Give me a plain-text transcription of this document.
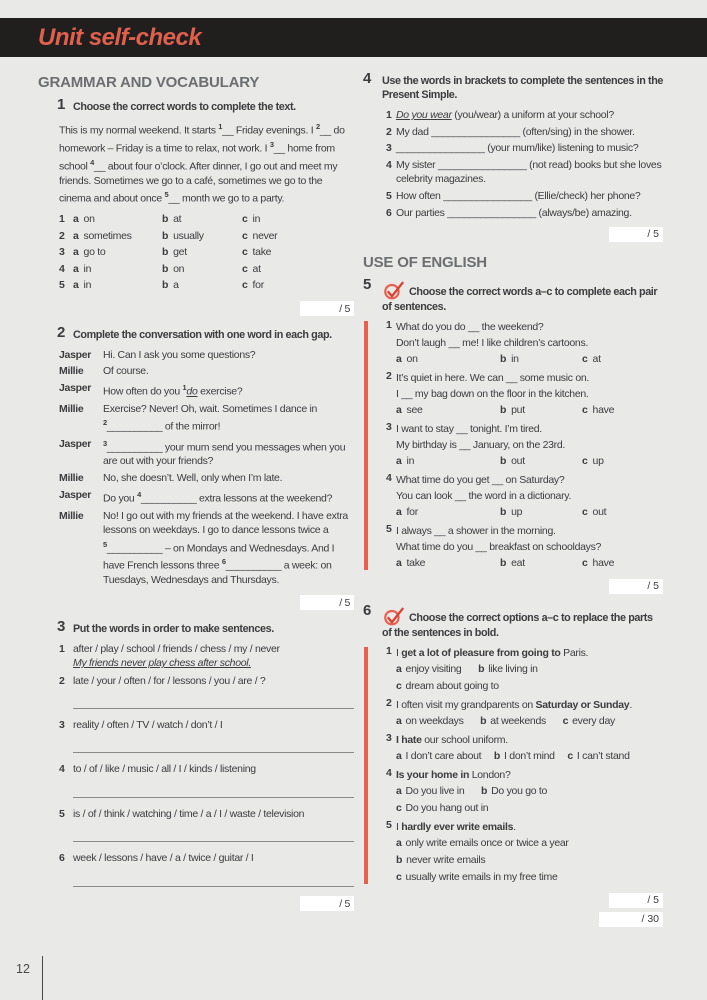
Unit self-check
GRAMMAR AND VOCABULARY
1 Choose the correct words to complete the text.

This is my normal weekend. It starts $^1$__ Friday evenings. I $^2$__ do homework – Friday is a time to relax, not work. I $^3$__ home from school $^4$__ about four o’clock. After dinner, I go out and meet my friends. Sometimes we go to a café, sometimes we go to the cinema and about once $^5$__ month we go to a party.

1 a on	b at	c in
2 a sometimes	b usually	c never
3 a go to	b get	c take
4 a in	b on	c at
5 a in	b a	c for
/ 5
2 Complete the conversation with one word in each gap.
Jasper	Hi. Can I ask you some questions?
Millie	Of course.
Jasper	How often do you $^1$do exercise?
Millie	Exercise? Never! Oh, wait. Sometimes I dance in $^2$__________ of the mirror!
Jasper	$^3$__________ your mum send you messages when you are out with your friends?
Millie	No, she doesn’t. Well, only when I’m late.
Jasper	Do you $^4$__________ extra lessons at the weekend?
Millie	No! I go out with my friends at the weekend. I have extra lessons on weekdays. I go to dance lessons twice a $^5$__________ – on Mondays and Wednesdays. And I have French lessons three $^6$__________ a week: on Tuesdays, Wednesdays and Thursdays.
/ 5
3 Put the words in order to make sentences.
1 after / play / school / friends / chess / my / never
My friends never play chess after school.
2 late / your / often / for / lessons / you / are / ?
3 reality / often / TV / watch / don’t / I
4 to / of / like / music / all / I / kinds / listening
5 is / of / think / watching / time / a / I / waste / television
6 week / lessons / have / a / twice / guitar / I
/ 5
4 Use the words in brackets to complete the sentences in the Present Simple.
1 Do you wear (you/wear) a uniform at your school?
2 My dad ________________ (often/sing) in the shower.
3 ________________ (your mum/like) listening to music?
4 My sister ________________ (not read) books but she loves celebrity magazines.
5 How often ________________ (Ellie/check) her phone?
6 Our parties ________________ (always/be) amazing.
/ 5
USE OF ENGLISH
5	Choose the correct words a–c to complete each pair of sentences.
1 What do you do __ the weekend?

Don’t laugh __ me! I like children’s cartoons.

a on	b in	c at
2 It’s quiet in here. We can __ some music on.

I __ my bag down on the floor in the kitchen.

a see	b put	c have
3 I want to stay __ tonight. I’m tired.

My birthday is __ January, on the 23rd.

a in	b out	c up
4 What time do you get __ on Saturday?

You can look __ the word in a dictionary.

a for	b up	c out
5 I always __ a shower in the morning.

What time do you __ breakfast on schooldays?

a take	b eat	c have
/ 5
6	Choose the correct options a–c to replace the parts of the sentences in bold.
1 I get a lot of pleasure from going to Paris.

a enjoy visiting b like living in c dream about going to
2 I often visit my grandparents on Saturday or Sunday.

a on weekdays b at weekends c every day
3 I hate our school uniform.

a I don’t care about b I don’t mind c I can’t stand
4 Is your home in London?

a Do you live in b Do you go to c Do you hang out in
5 I hardly ever write emails.

a only write emails once or twice a year b never write emails c usually write emails in my free time
/ 5
/ 30
12
